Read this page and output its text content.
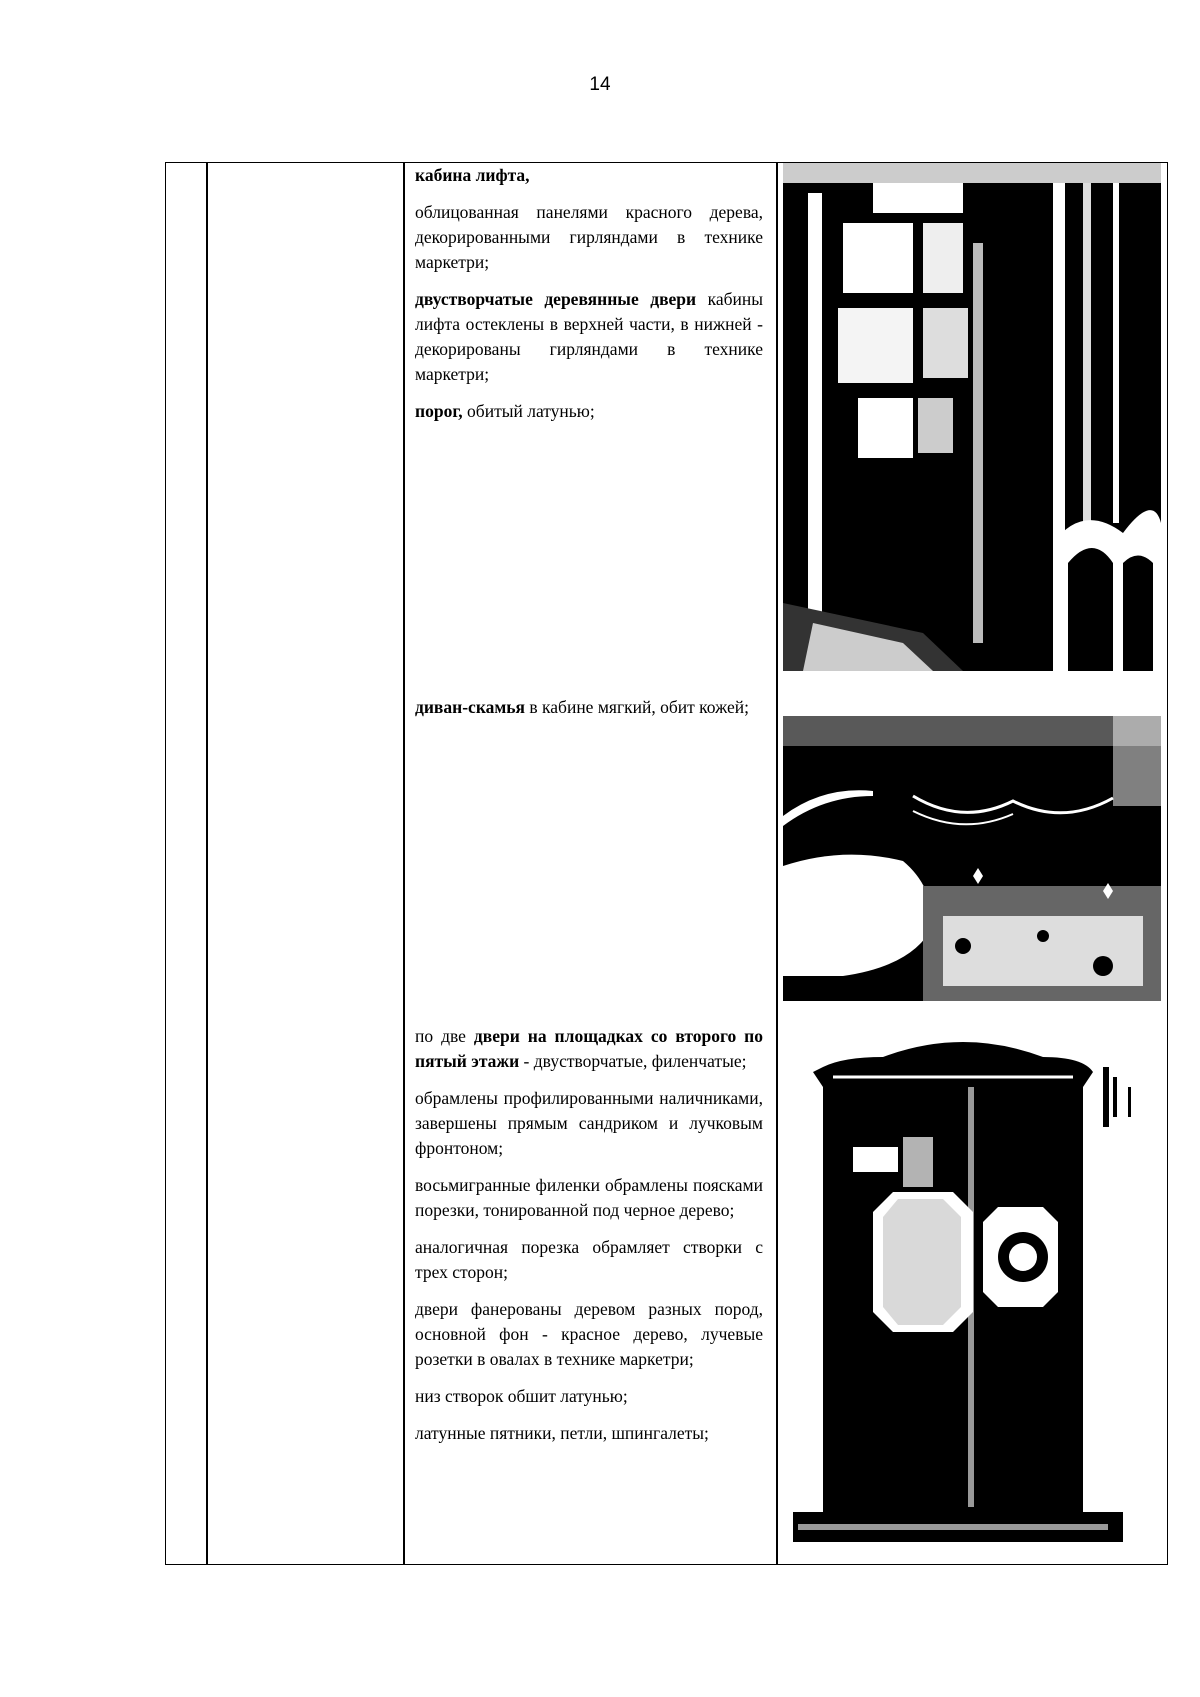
14

кабина лифта,

облицованная панелями красного дерева, декорированными гирляндами в технике маркетри;

двустворчатые деревянные двери кабины лифта остеклены в верхней части, в нижней - декорированы гирляндами в технике маркетри;

порог, обитый латунью;

диван-скамья в кабине мягкий, обит кожей;

по две двери на площадках со второго по пятый этажи - двустворчатые, филенчатые;

обрамлены профилированными наличниками, завершены прямым сандриком и лучковым фронтоном;

восьмигранные филенки обрамлены поясками порезки, тонированной под черное дерево;

аналогичная порезка обрамляет створки с трех сторон;

двери фанерованы деревом разных пород, основной фон - красное дерево, лучевые розетки в овалах в технике маркетри;

низ створок обшит латунью;

латунные пятники, петли, шпингалеты;
